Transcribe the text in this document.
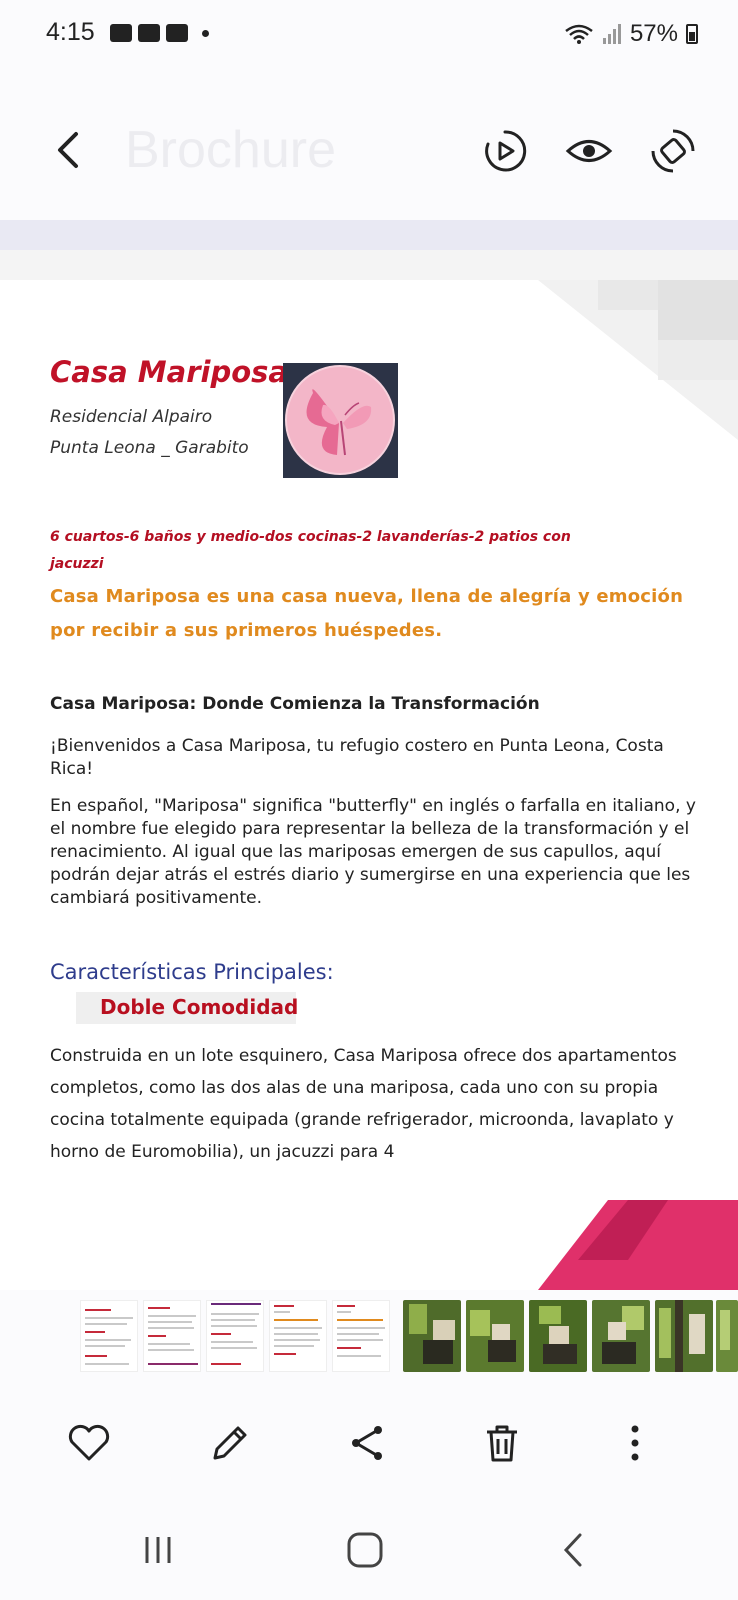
4:15	57%
Brochure
Casa Mariposa
Residencial Alpairo
Punta Leona _ Garabito
6 cuartos-6 baños y medio-dos cocinas-2 lavanderías-2 patios con jacuzzi
Casa Mariposa es una casa nueva, llena de alegría y emoción por recibir a sus primeros huéspedes.
Casa Mariposa: Donde Comienza la Transformación
¡Bienvenidos a Casa Mariposa, tu refugio costero en Punta Leona, Costa Rica!
En español, "Mariposa" significa "butterfly" en inglés o farfalla en italiano, y el nombre fue elegido para representar la belleza de la transformación y el renacimiento. Al igual que las mariposas emergen de sus capullos, aquí podrán dejar atrás el estrés diario y sumergirse en una experiencia que les cambiará positivamente.
Características Principales:
Doble Comodidad
Construida en un lote esquinero, Casa Mariposa ofrece dos apartamentos completos, como las dos alas de una mariposa, cada uno con su propia cocina totalmente equipada (grande refrigerador, microonda, lavaplato y horno de Euromobilia), un jacuzzi para 4
